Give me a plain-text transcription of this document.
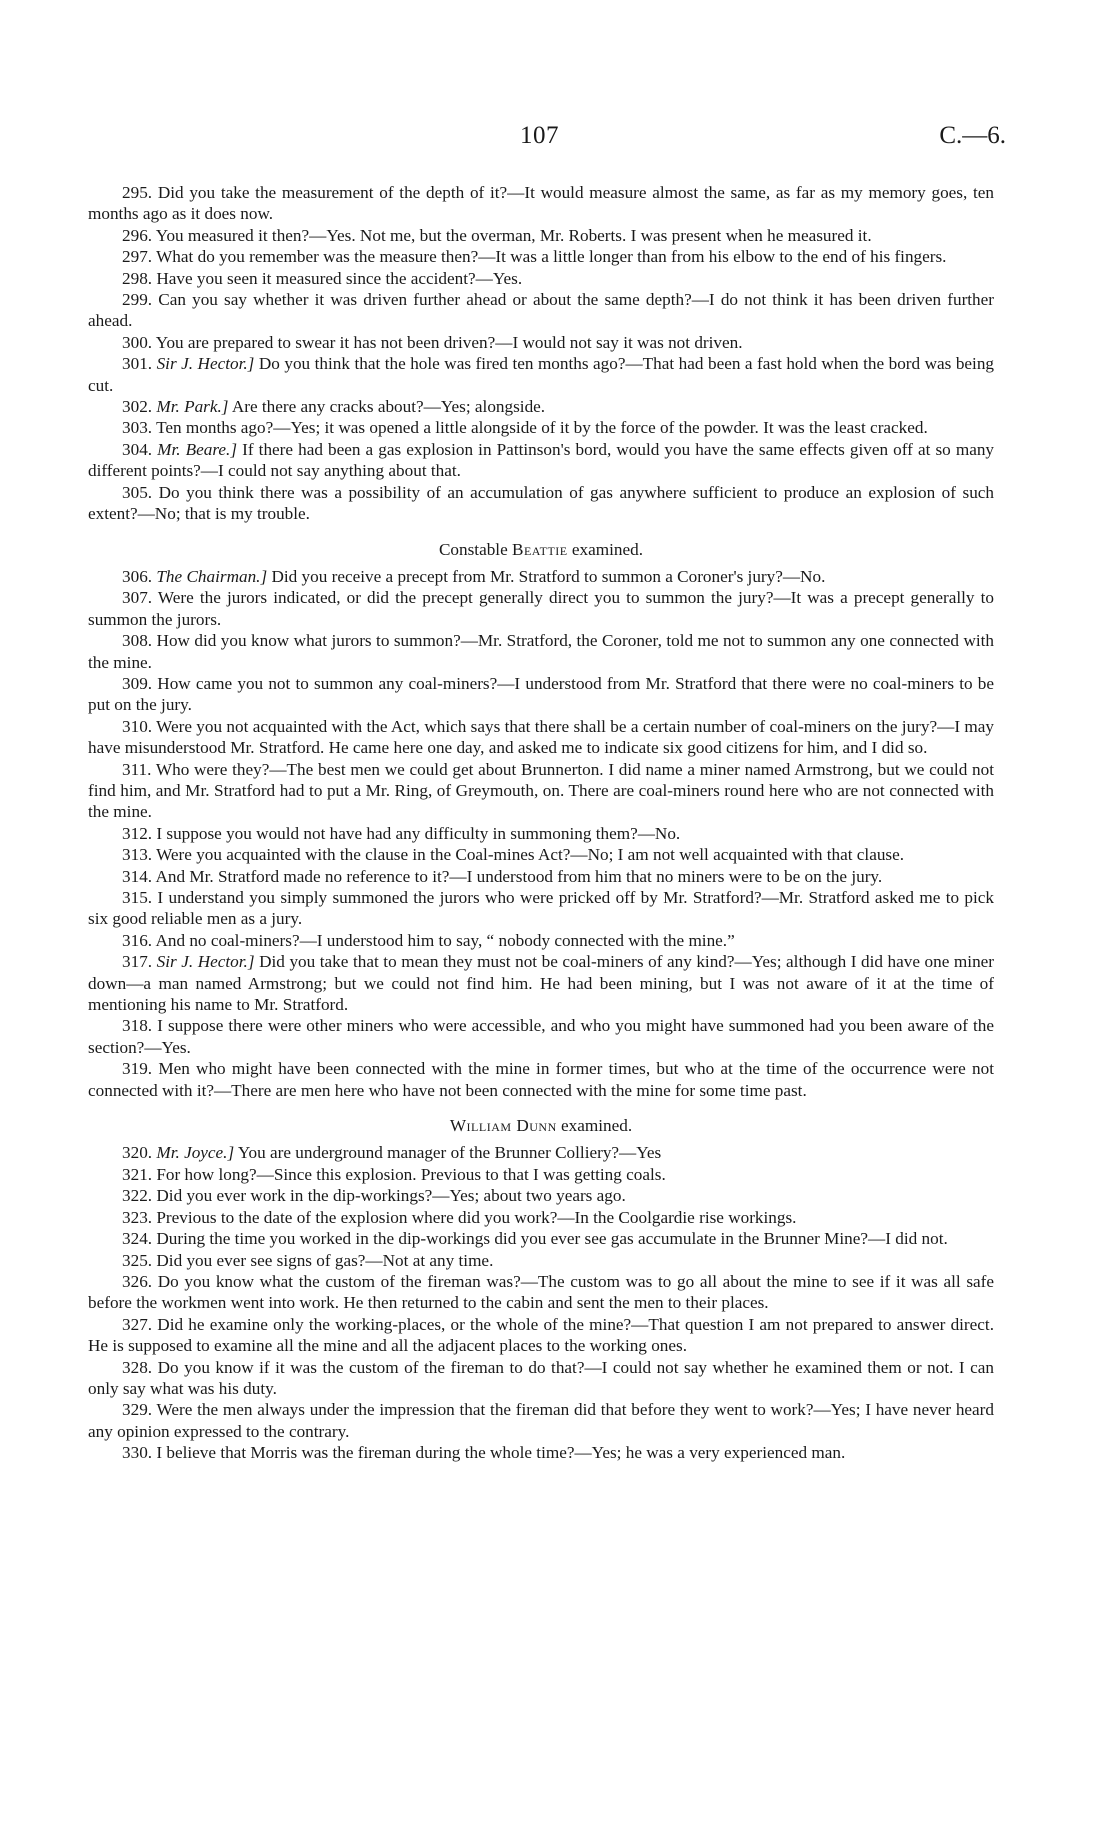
107	C.—6.

295. Did you take the measurement of the depth of it?—It would measure almost the same, as far as my memory goes, ten months ago as it does now.

296. You measured it then?—Yes. Not me, but the overman, Mr. Roberts. I was present when he measured it.

297. What do you remember was the measure then?—It was a little longer than from his elbow to the end of his fingers.

298. Have you seen it measured since the accident?—Yes.

299. Can you say whether it was driven further ahead or about the same depth?—I do not think it has been driven further ahead.

300. You are prepared to swear it has not been driven?—I would not say it was not driven.

301. Sir J. Hector.] Do you think that the hole was fired ten months ago?—That had been a fast hold when the bord was being cut.

302. Mr. Park.] Are there any cracks about?—Yes; alongside.

303. Ten months ago?—Yes; it was opened a little alongside of it by the force of the powder. It was the least cracked.

304. Mr. Beare.] If there had been a gas explosion in Pattinson's bord, would you have the same effects given off at so many different points?—I could not say anything about that.

305. Do you think there was a possibility of an accumulation of gas anywhere sufficient to produce an explosion of such extent?—No; that is my trouble.

Constable Beattie examined.

306. The Chairman.] Did you receive a precept from Mr. Stratford to summon a Coroner's jury?—No.

307. Were the jurors indicated, or did the precept generally direct you to summon the jury?—It was a precept generally to summon the jurors.

308. How did you know what jurors to summon?—Mr. Stratford, the Coroner, told me not to summon any one connected with the mine.

309. How came you not to summon any coal-miners?—I understood from Mr. Stratford that there were no coal-miners to be put on the jury.

310. Were you not acquainted with the Act, which says that there shall be a certain number of coal-miners on the jury?—I may have misunderstood Mr. Stratford. He came here one day, and asked me to indicate six good citizens for him, and I did so.

311. Who were they?—The best men we could get about Brunnerton. I did name a miner named Armstrong, but we could not find him, and Mr. Stratford had to put a Mr. Ring, of Greymouth, on. There are coal-miners round here who are not connected with the mine.

312. I suppose you would not have had any difficulty in summoning them?—No.

313. Were you acquainted with the clause in the Coal-mines Act?—No; I am not well acquainted with that clause.

314. And Mr. Stratford made no reference to it?—I understood from him that no miners were to be on the jury.

315. I understand you simply summoned the jurors who were pricked off by Mr. Stratford?—Mr. Stratford asked me to pick six good reliable men as a jury.

316. And no coal-miners?—I understood him to say, “ nobody connected with the mine.”

317. Sir J. Hector.] Did you take that to mean they must not be coal-miners of any kind?—Yes; although I did have one miner down—a man named Armstrong; but we could not find him. He had been mining, but I was not aware of it at the time of mentioning his name to Mr. Stratford.

318. I suppose there were other miners who were accessible, and who you might have summoned had you been aware of the section?—Yes.

319. Men who might have been connected with the mine in former times, but who at the time of the occurrence were not connected with it?—There are men here who have not been connected with the mine for some time past.

William Dunn examined.

320. Mr. Joyce.] You are underground manager of the Brunner Colliery?—Yes

321. For how long?—Since this explosion. Previous to that I was getting coals.

322. Did you ever work in the dip-workings?—Yes; about two years ago.

323. Previous to the date of the explosion where did you work?—In the Coolgardie rise workings.

324. During the time you worked in the dip-workings did you ever see gas accumulate in the Brunner Mine?—I did not.

325. Did you ever see signs of gas?—Not at any time.

326. Do you know what the custom of the fireman was?—The custom was to go all about the mine to see if it was all safe before the workmen went into work. He then returned to the cabin and sent the men to their places.

327. Did he examine only the working-places, or the whole of the mine?—That question I am not prepared to answer direct. He is supposed to examine all the mine and all the adjacent places to the working ones.

328. Do you know if it was the custom of the fireman to do that?—I could not say whether he examined them or not. I can only say what was his duty.

329. Were the men always under the impression that the fireman did that before they went to work?—Yes; I have never heard any opinion expressed to the contrary.

330. I believe that Morris was the fireman during the whole time?—Yes; he was a very experienced man.
